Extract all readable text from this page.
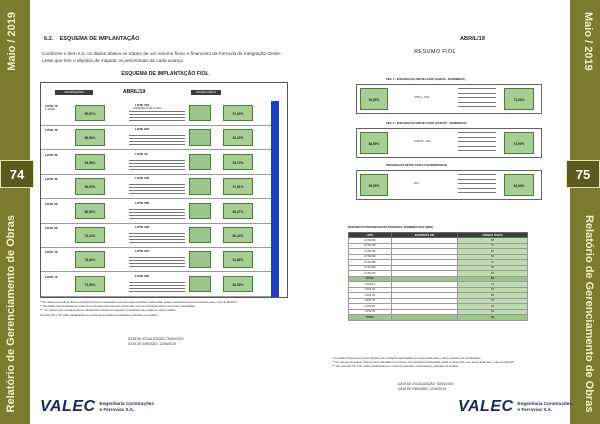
Maio / 2019
Relatório de Gerenciamento de Obras
74
6.2. ESQUEMA DE IMPLANTAÇÃO
Conforme o item 5.2, os dados abaixo se tratam de um resumo físico e financeiro da Ferrovia de Integração Oeste-Leste que tem o objetivo de mapear os percentuais de cada avanço.
ESQUEMA DE IMPLANTAÇÃO FIOL
INFORMAÇÕES CONTRATUAIS
ABRIL/19	AVANÇO FÍSICO
LOTE 1F
1ª FASE
95,57%
LOTE 01F
CONSÓRCIO ELO FIOL
97,55%
LOTE 2F
88,56%
LOTE 02F
92,30%
LOTE 3F
93,58%
LOTE 3F
94,72%
LOTE 4F
95,99%
LOTE 04F
97,91%
LOTE 5F
86,96%
LOTE 05F
89,27%
LOTE 6F
75,33%
LOTE 06F
80,44%
LOTE 7F
78,84%
LOTE 07F
81,86%
LOTE 1F
73,95%
LOTE 05F
82,35%
* Os valores de avanço físico e financeiro foram calculados com base nas medições elaboradas pelas construtoras com acumulado até o mês de abril/19.
** Os dados apresentados se referem à extensão dos lotes de construção ora em execução pelas empresas contratadas.
*** Os valores dos contratos foram atualizados conforme reajustes contratuais até a data do último aditivo.
Os lotes 2F e 3F estão paralisados por conta de questões contratuais e judiciais em análise.
DATA DE ATUALIZAÇÃO: 30/04/2019
DATA DE EMISSÃO: 12/06/2019
VALEC Engenharia Construções
e Ferrovias S.A.
Maio / 2019
Relatório de Gerenciamento de Obras
75
ABRIL/19
RESUMO FIOL
FIOL 1 - INTEGRAÇÃO OESTE-LESTE (ILHÉUS - BARREIRAS)
90,59%
LOTE 1 - FIOL
73,09%
FIOL 2 - INTEGRAÇÃO OESTE-LESTE (CAETITÉ - BARREIRAS)
88,89%
LOTE 2F - FIOL
72,90%
INTEGRAÇÃO OESTE-LESTE (FIGUEIRÓPOLIS)
99,55%
FIOL
63,54%
RESUMO DO PROGRESSO DE EXPANSÃO TERMINOLOGIA (DIPA)
LOTE	EXTENSÃO KM	AVANÇO FÍSICO
LOTE 01F		98
LOTE 02F		47
LOTE 03F		56
LOTE 04F		82
LOTE 05F		76
LOTE 06F		83
LOTE 07F		84
TOTAL		80
LOTE 1F		74
LOTE 2F		93
LOTE 3F		88
LOTE 4F		78
LOTE 5F		93
LOTE 6F		69
TOTAL		84
* Os dados financeiros foram obtidos nas medições aprovadas com acumulado até o último relatório de fiscalização.
** Os valores de avanço físico foram calculados com base nas medições elaboradas pelas construtoras com acumulado até o mês de abril/19.
*** Os lotes 2F, 3F e 4F estão paralisados por conta de questões contratuais e judiciais em análise.
DATA DE ATUALIZAÇÃO: 30/04/2019
DATA DE EMISSÃO: 12/06/2019
VALEC Engenharia Construções
e Ferrovias S.A.
